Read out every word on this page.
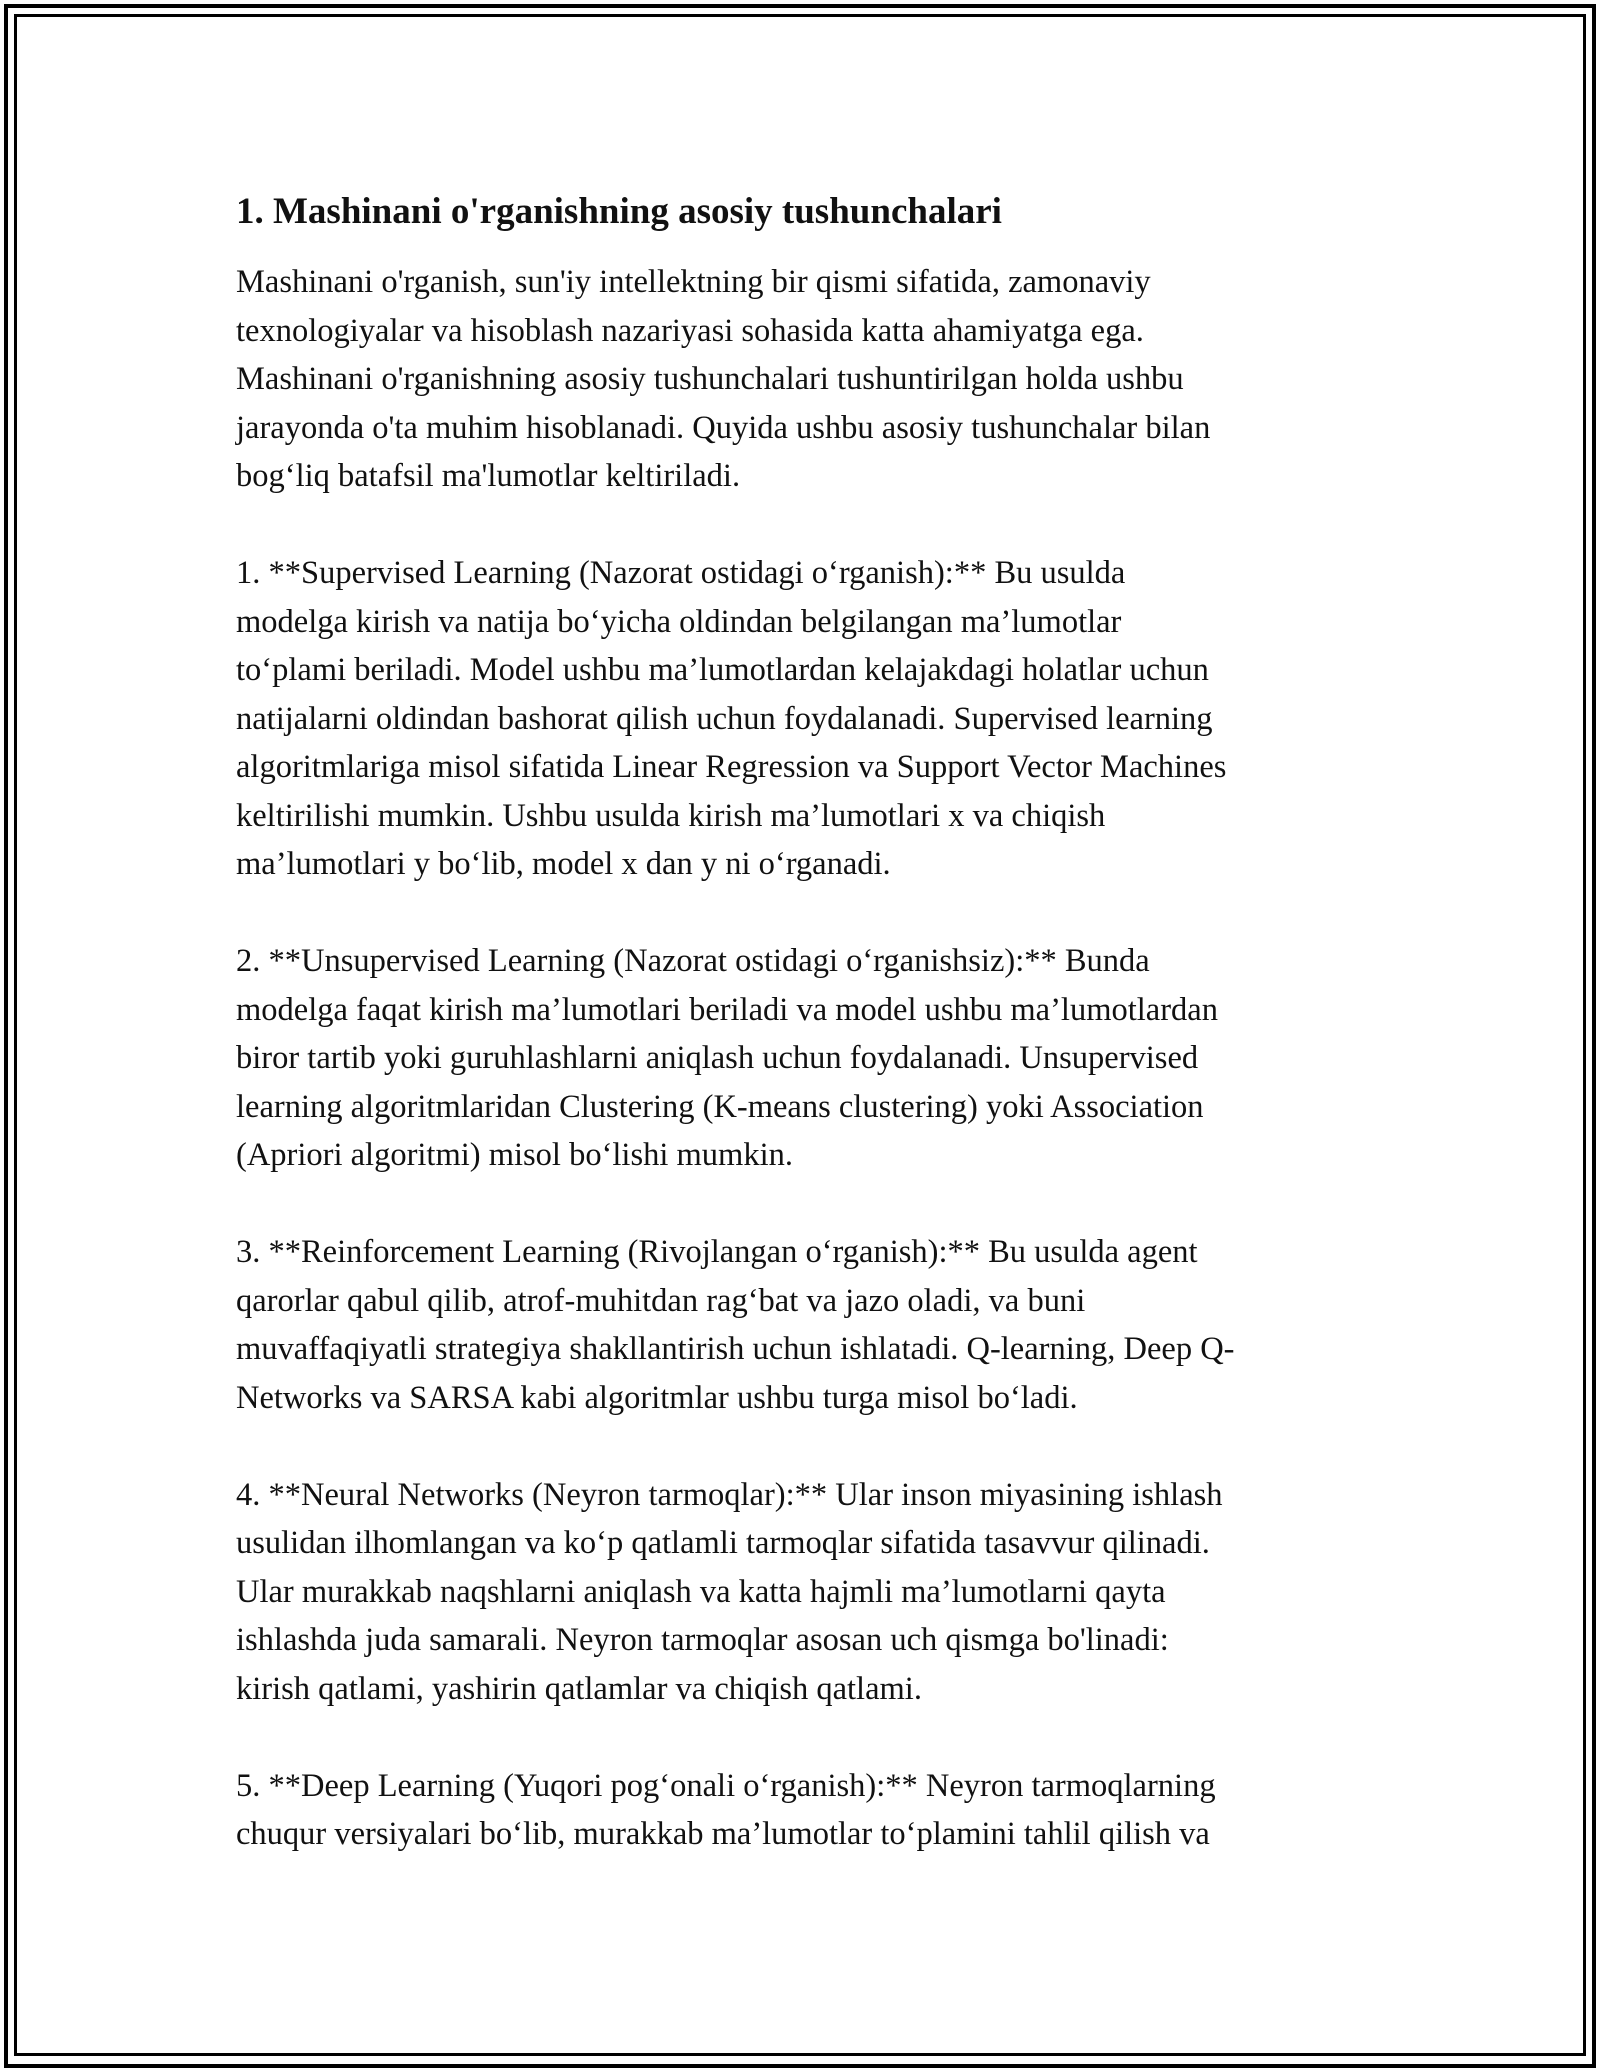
1. Mashinani o'rganishning asosiy tushunchalari
Mashinani o'rganish, sun'iy intellektning bir qismi sifatida, zamonaviy
texnologiyalar va hisoblash nazariyasi sohasida katta ahamiyatga ega.
Mashinani o'rganishning asosiy tushunchalari tushuntirilgan holda ushbu
jarayonda o'ta muhim hisoblanadi. Quyida ushbu asosiy tushunchalar bilan
bog‘liq batafsil ma'lumotlar keltiriladi.
1. **Supervised Learning (Nazorat ostidagi o‘rganish):** Bu usulda
modelga kirish va natija bo‘yicha oldindan belgilangan ma’lumotlar
to‘plami beriladi. Model ushbu ma’lumotlardan kelajakdagi holatlar uchun
natijalarni oldindan bashorat qilish uchun foydalanadi. Supervised learning
algoritmlariga misol sifatida Linear Regression va Support Vector Machines
keltirilishi mumkin. Ushbu usulda kirish ma’lumotlari x va chiqish
ma’lumotlari y bo‘lib, model x dan y ni o‘rganadi.
2. **Unsupervised Learning (Nazorat ostidagi o‘rganishsiz):** Bunda
modelga faqat kirish ma’lumotlari beriladi va model ushbu ma’lumotlardan
biror tartib yoki guruhlashlarni aniqlash uchun foydalanadi. Unsupervised
learning algoritmlaridan Clustering (K-means clustering) yoki Association
(Apriori algoritmi) misol bo‘lishi mumkin.
3. **Reinforcement Learning (Rivojlangan o‘rganish):** Bu usulda agent
qarorlar qabul qilib, atrof-muhitdan rag‘bat va jazo oladi, va buni
muvaffaqiyatli strategiya shakllantirish uchun ishlatadi. Q-learning, Deep Q-
Networks va SARSA kabi algoritmlar ushbu turga misol bo‘ladi.
4. **Neural Networks (Neyron tarmoqlar):** Ular inson miyasining ishlash
usulidan ilhomlangan va ko‘p qatlamli tarmoqlar sifatida tasavvur qilinadi.
Ular murakkab naqshlarni aniqlash va katta hajmli ma’lumotlarni qayta
ishlashda juda samarali. Neyron tarmoqlar asosan uch qismga bo'linadi:
kirish qatlami, yashirin qatlamlar va chiqish qatlami.
5. **Deep Learning (Yuqori pog‘onali o‘rganish):** Neyron tarmoqlarning
chuqur versiyalari bo‘lib, murakkab ma’lumotlar to‘plamini tahlil qilish va
